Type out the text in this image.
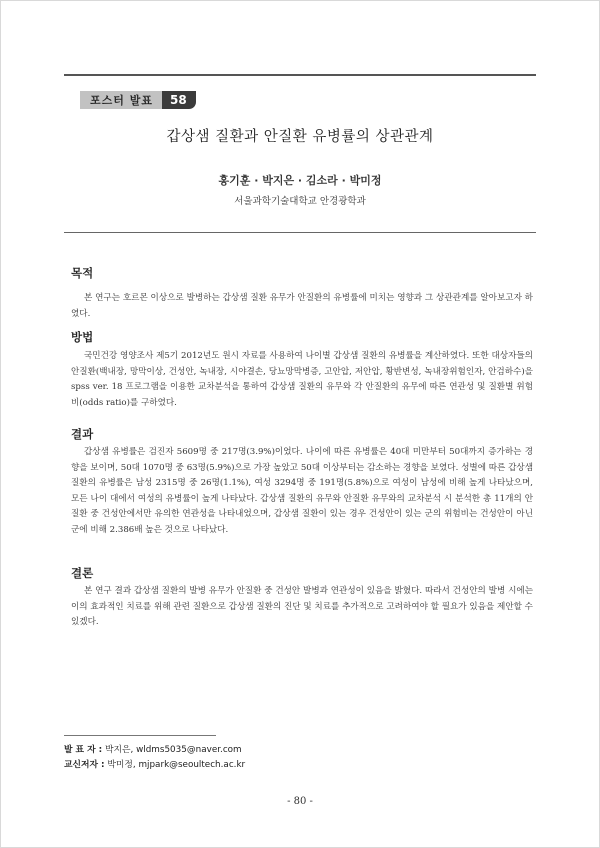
포스터 발표	58
갑상샘 질환과 안질환 유병률의 상관관계
홍기훈 · 박지은 · 김소라 · 박미정
서울과학기술대학교 안경광학과
목적

본 연구는 호르몬 이상으로 발병하는 갑상샘 질환 유무가 안질환의 유병률에 미치는 영향과 그 상관관계를 알아보고자 하였다.

방법

국민건강 영양조사 제5기 2012년도 원시 자료를 사용하여 나이별 갑상샘 질환의 유병률을 계산하였다. 또한 대상자들의 안질환(백내장, 망막이상, 건성안, 녹내장, 시야결손, 당뇨망막병증, 고안압, 저안압, 황반변성, 녹내장위험인자, 안검하수)을 spss ver. 18 프로그램을 이용한 교차분석을 통하여 갑상샘 질환의 유무와 각 안질환의 유무에 따른 연관성 및 질환별 위험비(odds ratio)를 구하였다.

결과

갑상샘 유병률은 검진자 5609명 중 217명(3.9%)이었다. 나이에 따른 유병률은 40대 미만부터 50대까지 증가하는 경향을 보이며, 50대 1070명 중 63명(5.9%)으로 가장 높았고 50대 이상부터는 감소하는 경향을 보였다. 성별에 따른 갑상샘 질환의 유병률은 남성 2315명 중 26명(1.1%), 여성 3294명 중 191명(5.8%)으로 여성이 남성에 비해 높게 나타났으며, 모든 나이 대에서 여성의 유병률이 높게 나타났다. 갑상샘 질환의 유무와 안질환 유무와의 교차분석 시 분석한 총 11개의 안질환 중 건성안에서만 유의한 연관성을 나타내었으며, 갑상샘 질환이 있는 경우 건성안이 있는 군의 위험비는 건성안이 아닌 군에 비해 2.386배 높은 것으로 나타났다.

결론

본 연구 결과 갑상샘 질환의 발병 유무가 안질환 중 건성안 발병과 연관성이 있음을 밝혔다. 따라서 건성안의 발병 시에는 이의 효과적인 치료를 위해 관련 질환으로 갑상샘 질환의 진단 및 치료를 추가적으로 고려하여야 할 필요가 있음을 제안할 수 있겠다.

발 표 자 : 박지은, wldms5035@naver.com
교신저자 : 박미정, mjpark@seoultech.ac.kr
- 80 -
